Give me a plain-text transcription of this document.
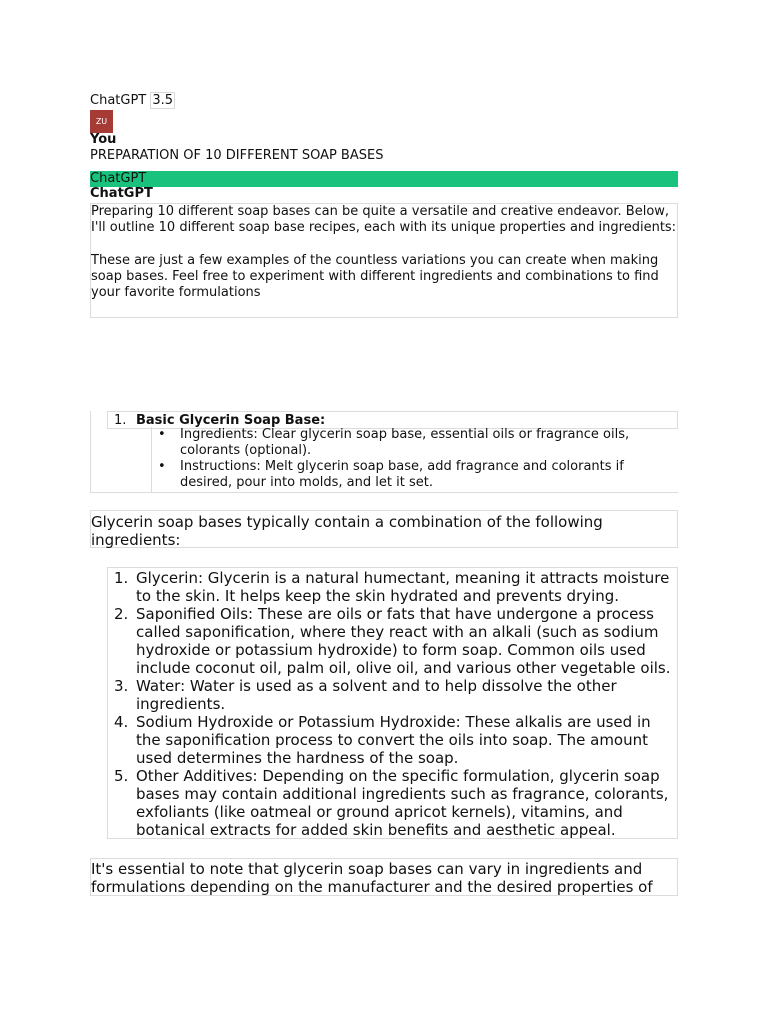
ChatGPT 3.5
ZU
You
PREPARATION OF 10 DIFFERENT SOAP BASES
ChatGPT
ChatGPT

Preparing 10 different soap bases can be quite a versatile and creative endeavor. Below, I'll outline 10 different soap base recipes, each with its unique properties and ingredients:

These are just a few examples of the countless variations you can create when making soap bases. Feel free to experiment with different ingredients and combinations to find your favorite formulations

1. Basic Glycerin Soap Base:
• Ingredients: Clear glycerin soap base, essential oils or fragrance oils, colorants (optional).
• Instructions: Melt glycerin soap base, add fragrance and colorants if desired, pour into molds, and let it set.
Glycerin soap bases typically contain a combination of the following ingredients:
1. Glycerin: Glycerin is a natural humectant, meaning it attracts moisture to the skin. It helps keep the skin hydrated and prevents drying.
2. Saponified Oils: These are oils or fats that have undergone a process called saponification, where they react with an alkali (such as sodium hydroxide or potassium hydroxide) to form soap. Common oils used include coconut oil, palm oil, olive oil, and various other vegetable oils.
3. Water: Water is used as a solvent and to help dissolve the other ingredients.
4. Sodium Hydroxide or Potassium Hydroxide: These alkalis are used in the saponification process to convert the oils into soap. The amount used determines the hardness of the soap.
5. Other Additives: Depending on the specific formulation, glycerin soap bases may contain additional ingredients such as fragrance, colorants, exfoliants (like oatmeal or ground apricot kernels), vitamins, and botanical extracts for added skin benefits and aesthetic appeal.
It's essential to note that glycerin soap bases can vary in ingredients and formulations depending on the manufacturer and the desired properties of
